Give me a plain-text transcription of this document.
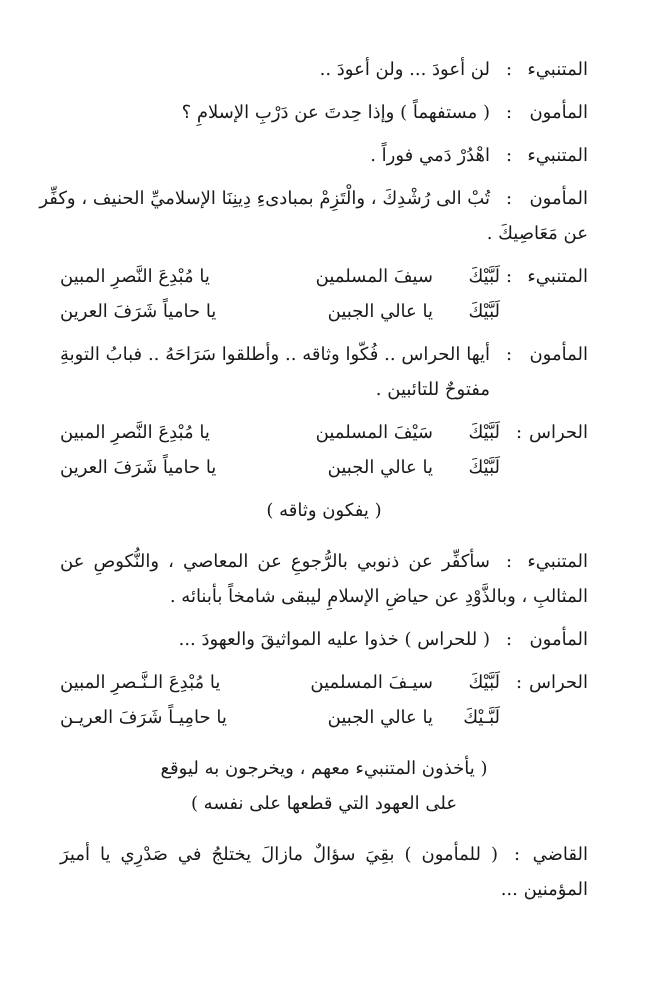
المتنبيء
:
لن أعودَ ... ولن أعودَ ..
المأمون
:
( مستفهماً ) وإذا حِدتَ عن دَرْبِ الإسلامِ ؟
المتنبيء
:
اهْدُرْ دَمي فوراً .
المأمون
:
تُبْ الى رُشْدِكَ ، والْتَزِمْ بمبادىءِ دِينِنَا الإسلاميِّ الحنيف ، وكفِّر
عن مَعَاصِيكَ .
المتنبيء
:
لَبَّيْكَ
سيفَ المسلمين
يا مُبْدِعَ النَّصرِ المبين
لَبَّيْكَ
يا عالي الجبين
يا حامياً شَرَفَ العرين
المأمون
:
أيها الحراس .. فُكّوا وثاقه .. وأطلقوا سَرَاحَهُ .. فبابُ التوبةِ
مفتوحٌ للتائبين .
الحراس
:
لَبَّيْكَ
سَيْفَ المسلمين
يا مُبْدِعَ النَّصرِ المبين
لَبَّيْكَ
يا عالي الجبين
يا حامياً شَرَفَ العرين
( يفكون وثاقه )
المتنبيء
:
سأكفِّر عن ذنوبي بالرُّجوعِ عن المعاصي ، والنُّكوصِ عن
المثالبِ ، وبالذَّوْدِ عن حياضِ الإسلامِ ليبقى شامخاً بأبنائه .
المأمون
:
( للحراس ) خذوا عليه المواثيقَ والعهودَ ...
الحراس
:
لَبَّيْكَ
سيـفَ المسلمين
يا مُبْدِعَ الـنَّـصرِ المبين
لَبَّـيْكَ
يا عالي الجبين
يا حامِيـاً شَرَفَ العريـن
( يأخذون المتنبيء معهم ، ويخرجون به ليوقع
على العهود التي قطعها على نفسه )
القاضي
:
( للمأمون ) بقِيَ سؤالٌ مازالَ يختلجُ في صَدْرِي يا أميرَ
المؤمنين ...
